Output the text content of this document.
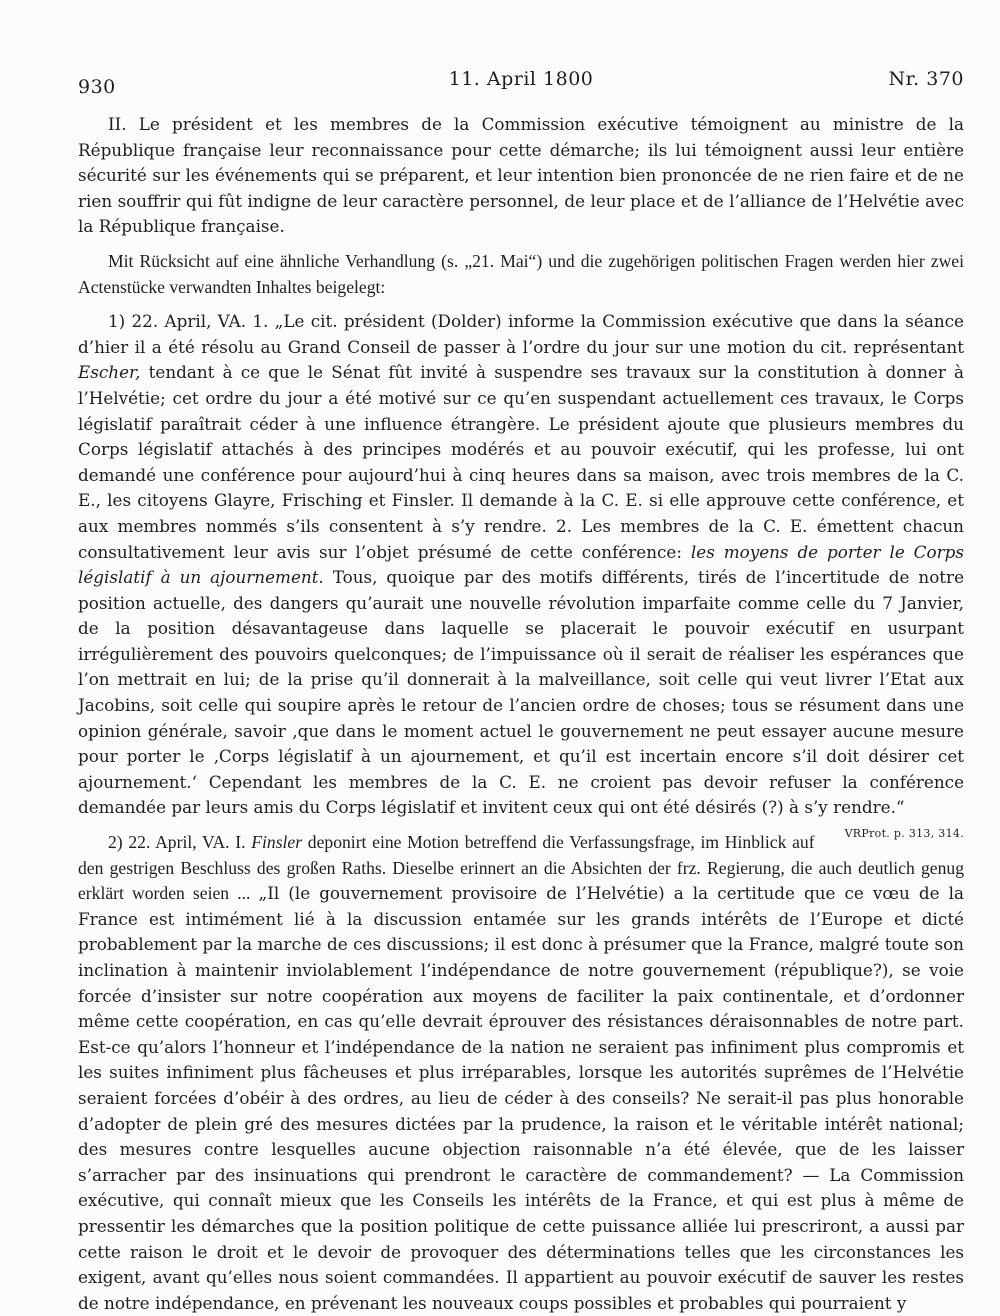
930	11. April 1800	Nr. 370

II. Le président et les membres de la Commission exécutive témoignent au ministre de la République française leur reconnaissance pour cette démarche; ils lui témoignent aussi leur entière sécurité sur les événements qui se préparent, et leur intention bien prononcée de ne rien faire et de ne rien souffrir qui fût indigne de leur caractère personnel, de leur place et de l’alliance de l’Helvétie avec la République française.

Mit Rücksicht auf eine ähnliche Verhandlung (s. „21. Mai“) und die zugehörigen politischen Fragen werden hier zwei Actenstücke verwandten Inhaltes beigelegt:

1) 22. April, VA. 1. „Le cit. président (Dolder) informe la Commission exécutive que dans la séance d’hier il a été résolu au Grand Conseil de passer à l’ordre du jour sur une motion du cit. représentant Escher, tendant à ce que le Sénat fût invité à suspendre ses travaux sur la constitution à donner à l’Helvétie; cet ordre du jour a été motivé sur ce qu’en suspendant actuellement ces travaux, le Corps législatif paraîtrait céder à une influence étrangère. Le président ajoute que plusieurs membres du Corps législatif attachés à des principes modérés et au pouvoir exécutif, qui les professe, lui ont demandé une conférence pour aujourd’hui à cinq heures dans sa maison, avec trois membres de la C. E., les citoyens Glayre, Frisching et Finsler. Il demande à la C. E. si elle approuve cette conférence, et aux membres nommés s’ils consentent à s’y rendre. 2. Les membres de la C. E. émettent chacun consultativement leur avis sur l’objet présumé de cette conférence: les moyens de porter le Corps législatif à un ajournement. Tous, quoique par des motifs différents, tirés de l’incertitude de notre position actuelle, des dangers qu’aurait une nouvelle révolution imparfaite comme celle du 7 Janvier, de la position désavantageuse dans laquelle se placerait le pouvoir exécutif en usurpant irrégulièrement des pouvoirs quelconques; de l’impuissance où il serait de réaliser les espérances que l’on mettrait en lui; de la prise qu’il donnerait à la malveillance, soit celle qui veut livrer l’Etat aux Jacobins, soit celle qui soupire après le retour de l’ancien ordre de choses; tous se résument dans une opinion générale, savoir ‚que dans le moment actuel le gouvernement ne peut essayer aucune mesure pour porter le ‚Corps législatif à un ajournement, et qu’il est incertain encore s’il doit désirer cet ajournement.‘ Cependant les membres de la C. E. ne croient pas devoir refuser la conférence demandée par leurs amis du Corps législatif et invitent ceux qui ont été désirés (?) à s’y rendre.“
VRProt. p. 313, 314.

2) 22. April, VA. I. Finsler deponirt eine Motion betreffend die Verfassungsfrage, im Hinblick auf den gestrigen Beschluss des großen Raths. Dieselbe erinnert an die Absichten der frz. Regierung, die auch deutlich genug erklärt worden seien ... „Il (le gouvernement provisoire de l’Helvétie) a la certitude que ce vœu de la France est intimément lié à la discussion entamée sur les grands intérêts de l’Europe et dicté probablement par la marche de ces discussions; il est donc à présumer que la France, malgré toute son inclination à maintenir inviolablement l’indépendance de notre gouvernement (république?), se voie forcée d’insister sur notre coopération aux moyens de faciliter la paix continentale, et d’ordonner même cette coopération, en cas qu’elle devrait éprouver des résistances déraisonnables de notre part. Est-ce qu’alors l’honneur et l’indépendance de la nation ne seraient pas infiniment plus compromis et les suites infiniment plus fâcheuses et plus irréparables, lorsque les autorités suprêmes de l’Helvétie seraient forcées d’obéir à des ordres, au lieu de céder à des conseils? Ne serait-il pas plus honorable d’adopter de plein gré des mesures dictées par la prudence, la raison et le véritable intérêt national; des mesures contre lesquelles aucune objection raisonnable n’a été élevée, que de les laisser s’arracher par des insinuations qui prendront le caractère de commandement? — La Commission exécutive, qui connaît mieux que les Conseils les intérêts de la France, et qui est plus à même de pressentir les démarches que la position politique de cette puissance alliée lui prescriront, a aussi par cette raison le droit et le devoir de provoquer des déterminations telles que les circonstances les exigent, avant qu’elles nous soient commandées. Il appartient au pouvoir exécutif de sauver les restes de notre indépendance, en prévenant les nouveaux coups possibles et probables qui pourraient y
